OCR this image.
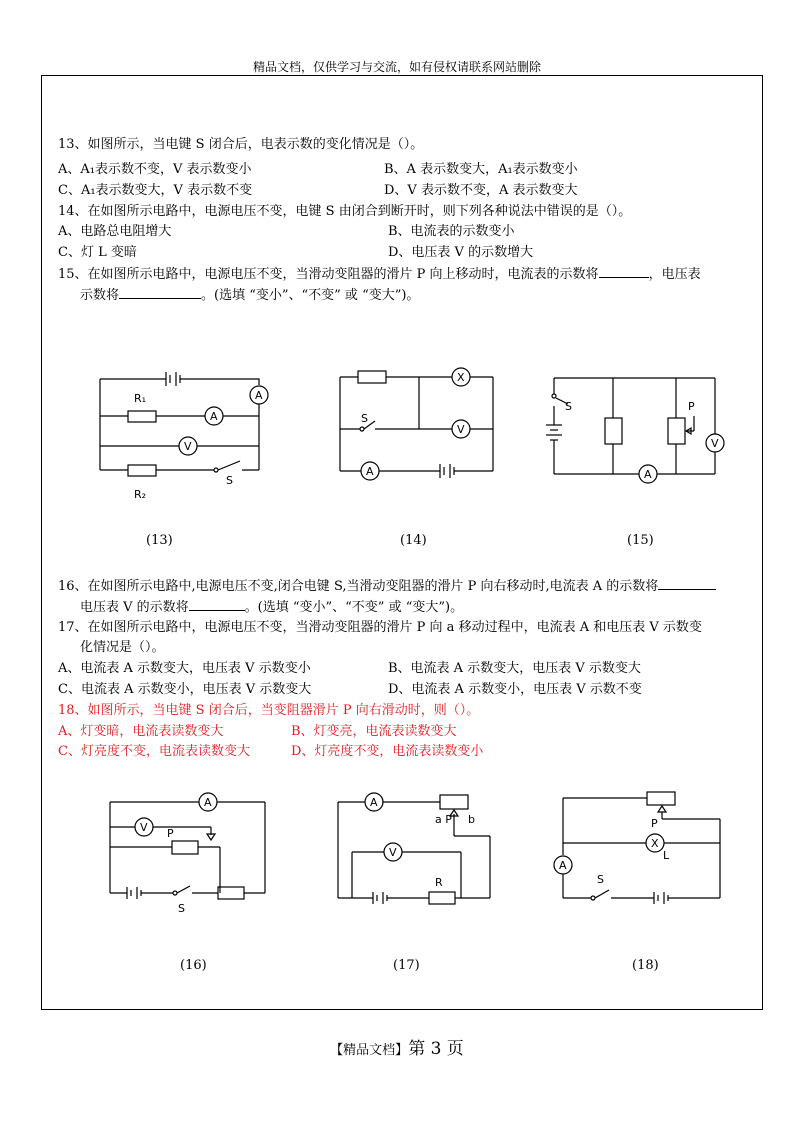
精品文档，仅供学习与交流，如有侵权请联系网站删除
13、如图所示，当电键 S 闭合后，电表示数的变化情况是（）。
A、A₁表示数不变，V 表示数变小	B、A 表示数变大，A₁表示数变小
C、A₁表示数变大，V 表示数不变	D、V 表示数不变，A 表示数变大
14、在如图所示电路中，电源电压不变，电键 S 由闭合到断开时，则下列各种说法中错误的是（）。
A、电路总电阻增大	B、电流表的示数变小
C、灯 L 变暗	D、电压表 V 的示数增大
15、在如图所示电路中，电源电压不变，当滑动变阻器的滑片 P 向上移动时，电流表的示数将	，电压表
示数将	。(选填 “变小”、“不变” 或 “变大”)。
A
A
R₁
V
R₂
S
(13)
X
S
V
A
(14)
S
A
P
V
(15)
16、在如图所示电路中,电源电压不变,闭合电键 S,当滑动变阻器的滑片 P 向右移动时,电流表 A 的示数将
电压表 V 的示数将	。(选填 “变小”、“不变” 或 “变大”)。
17、在如图所示电路中，电源电压不变，当滑动变阻器的滑片 P 向 a 移动过程中，电流表 A 和电压表 V 示数变
化情况是（）。
A、电流表 A 示数变大，电压表 V 示数变小	B、电流表 A 示数变大，电压表 V 示数变大
C、电流表 A 示数变小，电压表 V 示数变大	D、电流表 A 示数变小，电压表 V 示数不变
18、如图所示，当电键 S 闭合后，当变阻器滑片 P 向右滑动时，则（）。
A、灯变暗，电流表读数变大	B、灯变亮，电流表读数变大
C、灯亮度不变，电流表读数变大	D、灯亮度不变，电流表读数变小
A
V P
S
(16)
A
a P b
V
R
(17)
P
X
L
A
S
(18)
【精品文档】第 3 页
